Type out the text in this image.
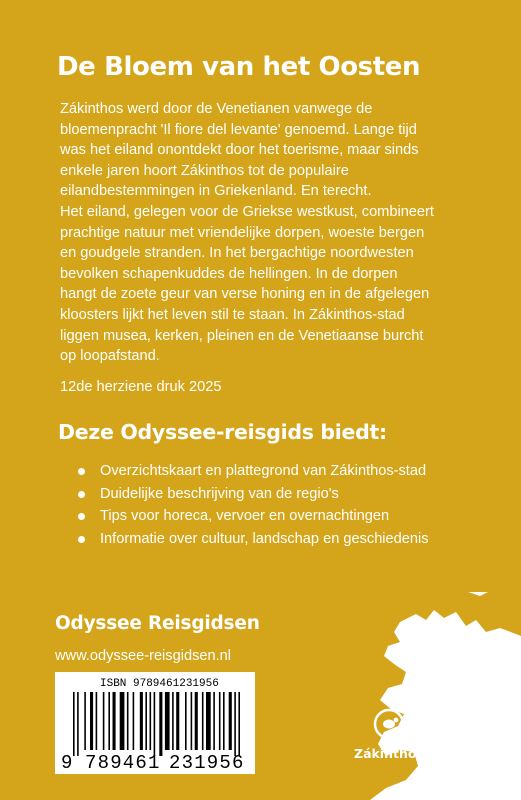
De Bloem van het Oosten

Zákinthos werd door de Venetianen vanwege de

bloemenpracht 'Il fiore del levante' genoemd. Lange tijd

was het eiland onontdekt door het toerisme, maar sinds

enkele jaren hoort Zákinthos tot de populaire

eilandbestemmingen in Griekenland. En terecht.

Het eiland, gelegen voor de Griekse westkust, combineert

prachtige natuur met vriendelijke dorpen, woeste bergen

en goudgele stranden. In het bergachtige noordwesten

bevolken schapenkuddes de hellingen. In de dorpen

hangt de zoete geur van verse honing en in de afgelegen

kloosters lijkt het leven stil te staan. In Zákinthos-stad

liggen musea, kerken, pleinen en de Venetiaanse burcht

op loopafstand.

12de herziene druk 2025
Deze Odyssee-reisgids biedt:
Overzichtskaart en plattegrond van Zákinthos-stad
Duidelijke beschrijving van de regio's
Tips voor horeca, vervoer en overnachtingen
Informatie over cultuur, landschap en geschiedenis
Odyssee Reisgidsen
www.odyssee-reisgidsen.nl
ISBN 9789461231956
9 789461 231956	Zákinthos
